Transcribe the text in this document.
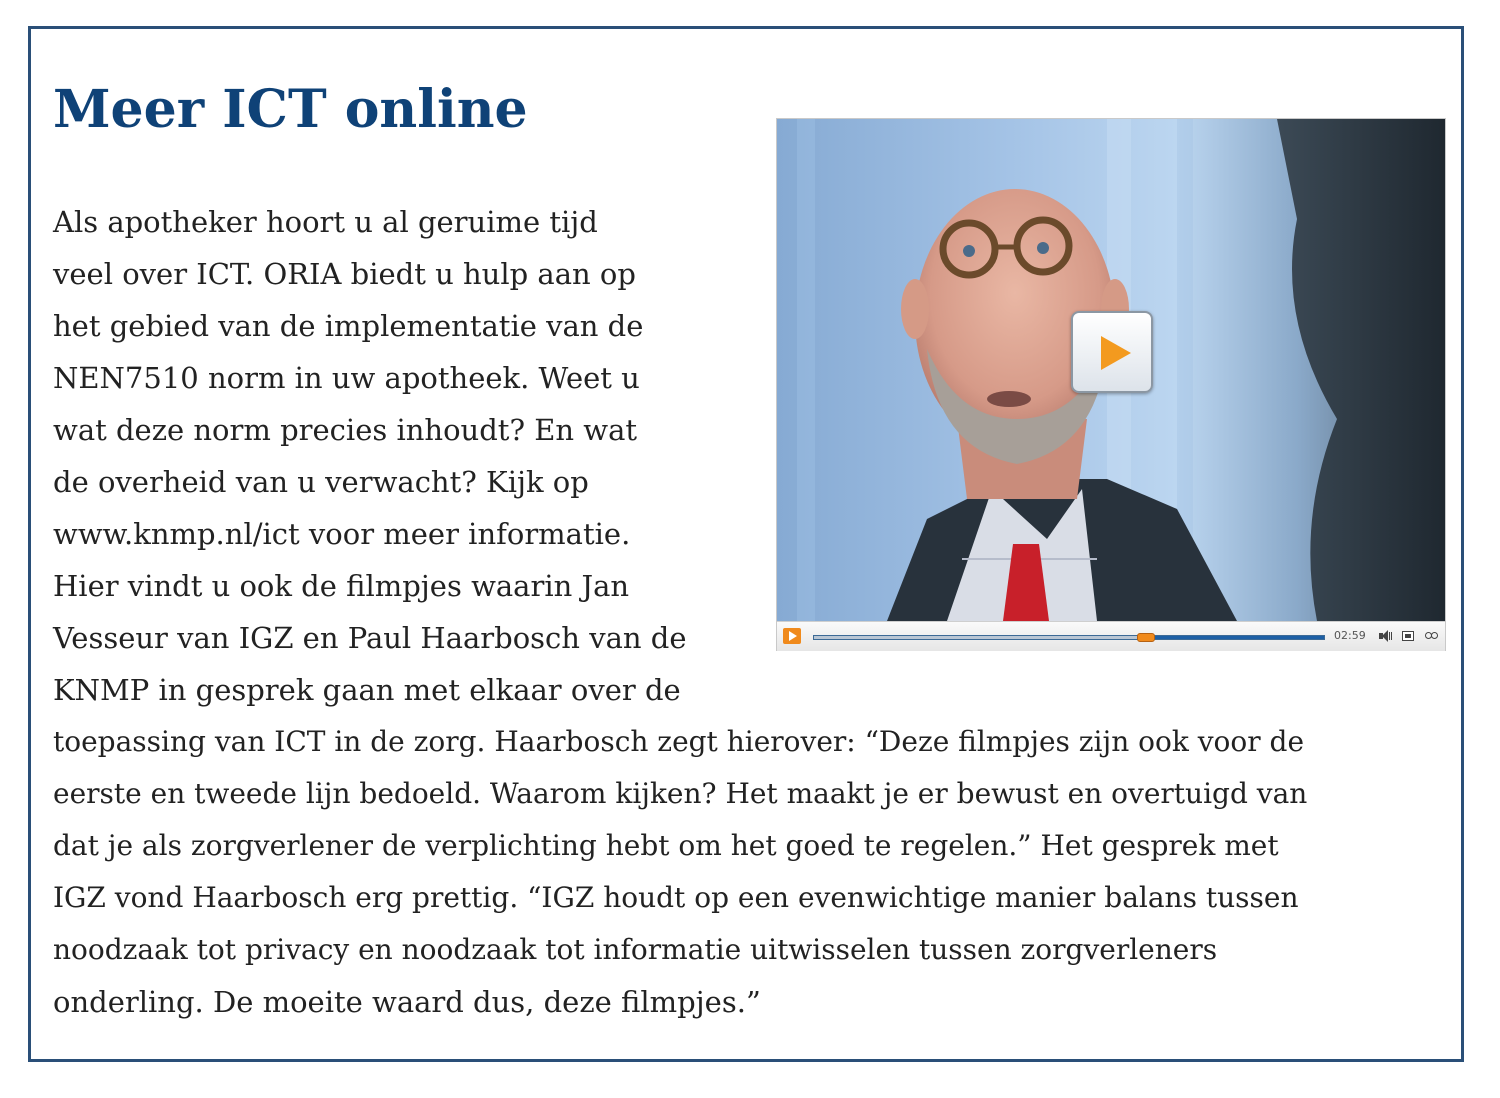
Meer ICT online
Als apotheker hoort u al geruime tijd
veel over ICT. ORIA biedt u hulp aan op
het gebied van de implementatie van de
NEN7510 norm in uw apotheek. Weet u
wat deze norm precies inhoudt? En wat
de overheid van u verwacht? Kijk op
www.knmp.nl/ict voor meer informatie.
Hier vindt u ook de filmpjes waarin Jan
Vesseur van IGZ en Paul Haarbosch van de
KNMP in gesprek gaan met elkaar over de
toepassing van ICT in de zorg. Haarbosch zegt hierover: “Deze filmpjes zijn ook voor de
eerste en tweede lijn bedoeld. Waarom kijken? Het maakt je er bewust en overtuigd van
dat je als zorgverlener de verplichting hebt om het goed te regelen.” Het gesprek met
IGZ vond Haarbosch erg prettig. “IGZ houdt op een evenwichtige manier balans tussen
noodzaak tot privacy en noodzaak tot informatie uitwisselen tussen zorgverleners
onderling. De moeite waard dus, deze filmpjes.”
02:59
